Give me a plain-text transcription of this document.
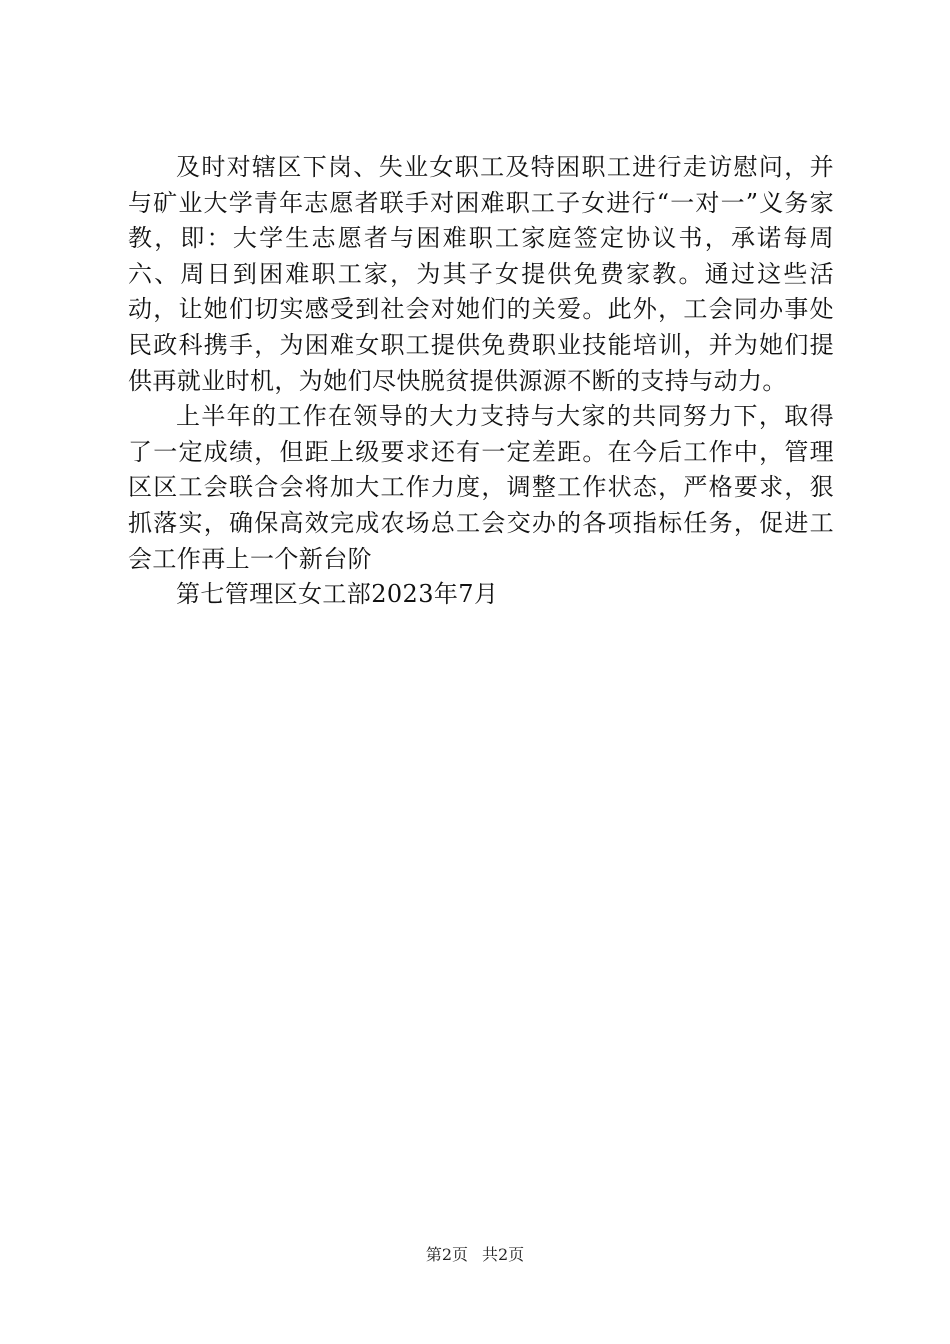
及时对辖区下岗、失业女职工及特困职工进行走访慰问，并与矿业大学青年志愿者联手对困难职工子女进行“一对一”义务家教，即：大学生志愿者与困难职工家庭签定协议书，承诺每周六、周日到困难职工家，为其子女提供免费家教。通过这些活动，让她们切实感受到社会对她们的关爱。此外，工会同办事处民政科携手，为困难女职工提供免费职业技能培训，并为她们提供再就业时机，为她们尽快脱贫提供源源不断的支持与动力。

上半年的工作在领导的大力支持与大家的共同努力下，取得了一定成绩，但距上级要求还有一定差距。在今后工作中，管理区区工会联合会将加大工作力度，调整工作状态，严格要求，狠抓落实，确保高效完成农场总工会交办的各项指标任务，促进工会工作再上一个新台阶

第七管理区女工部2023年7月

第2页 共2页
